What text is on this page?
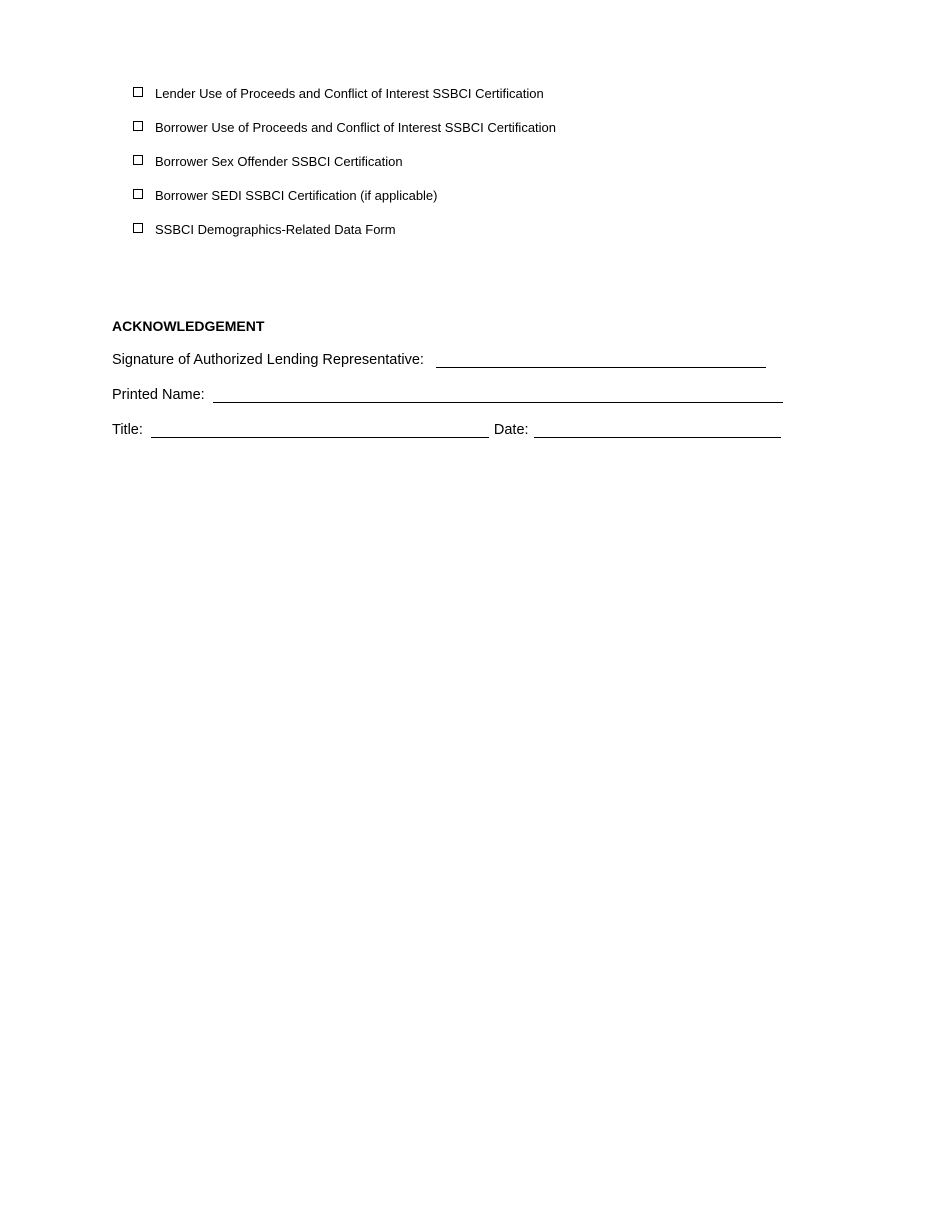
Lender Use of Proceeds and Conflict of Interest SSBCI Certification
Borrower Use of Proceeds and Conflict of Interest SSBCI Certification
Borrower Sex Offender SSBCI Certification
Borrower SEDI SSBCI Certification (if applicable)
SSBCI Demographics-Related Data Form
ACKNOWLEDGEMENT
Signature of Authorized Lending Representative:
Printed Name:
Title:	Date:
